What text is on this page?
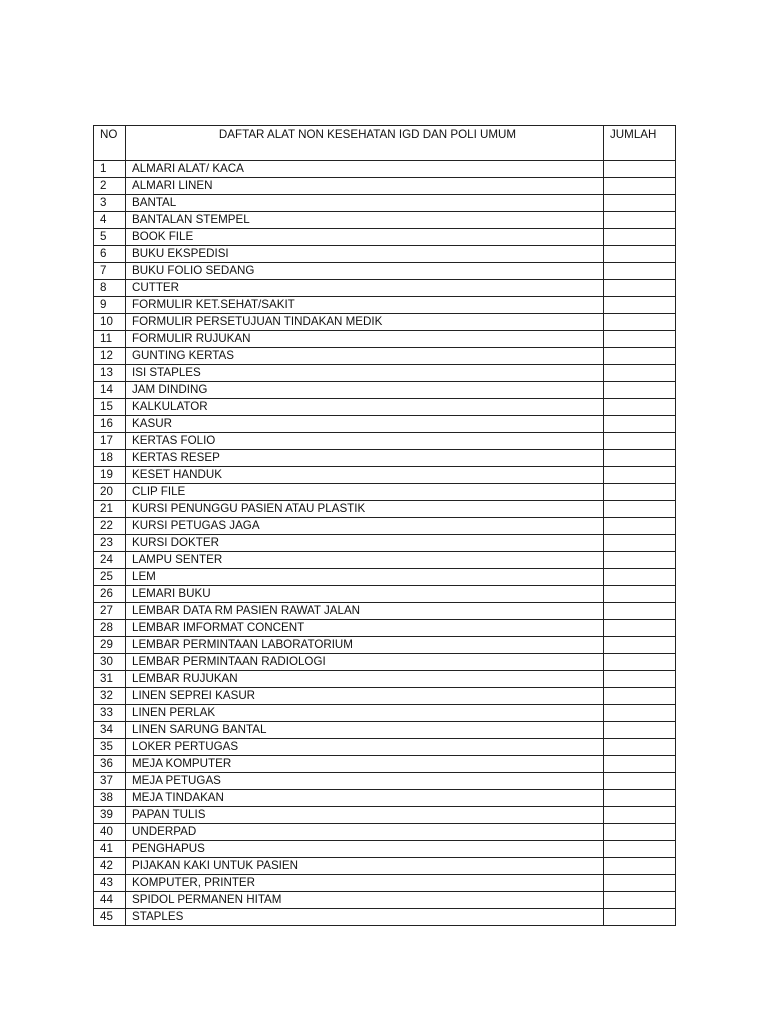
NO	DAFTAR ALAT NON KESEHATAN IGD DAN POLI UMUM	JUMLAH
1	ALMARI ALAT/ KACA	
2	ALMARI LINEN	
3	BANTAL	
4	BANTALAN STEMPEL	
5	BOOK FILE	
6	BUKU EKSPEDISI	
7	BUKU FOLIO SEDANG	
8	CUTTER	
9	FORMULIR KET.SEHAT/SAKIT	
10	FORMULIR PERSETUJUAN TINDAKAN MEDIK	
11	FORMULIR RUJUKAN	
12	GUNTING KERTAS	
13	ISI STAPLES	
14	JAM DINDING	
15	KALKULATOR	
16	KASUR	
17	KERTAS FOLIO	
18	KERTAS RESEP	
19	KESET HANDUK	
20	CLIP FILE	
21	KURSI PENUNGGU PASIEN ATAU PLASTIK	
22	KURSI PETUGAS JAGA	
23	KURSI DOKTER	
24	LAMPU SENTER	
25	LEM	
26	LEMARI BUKU	
27	LEMBAR DATA RM PASIEN RAWAT JALAN	
28	LEMBAR IMFORMAT CONCENT	
29	LEMBAR PERMINTAAN LABORATORIUM	
30	LEMBAR PERMINTAAN RADIOLOGI	
31	LEMBAR RUJUKAN	
32	LINEN SEPREI KASUR	
33	LINEN PERLAK	
34	LINEN SARUNG BANTAL	
35	LOKER PERTUGAS	
36	MEJA KOMPUTER	
37	MEJA PETUGAS	
38	MEJA TINDAKAN	
39	PAPAN TULIS	
40	UNDERPAD	
41	PENGHAPUS	
42	PIJAKAN KAKI UNTUK PASIEN	
43	KOMPUTER, PRINTER	
44	SPIDOL PERMANEN HITAM	
45	STAPLES	
